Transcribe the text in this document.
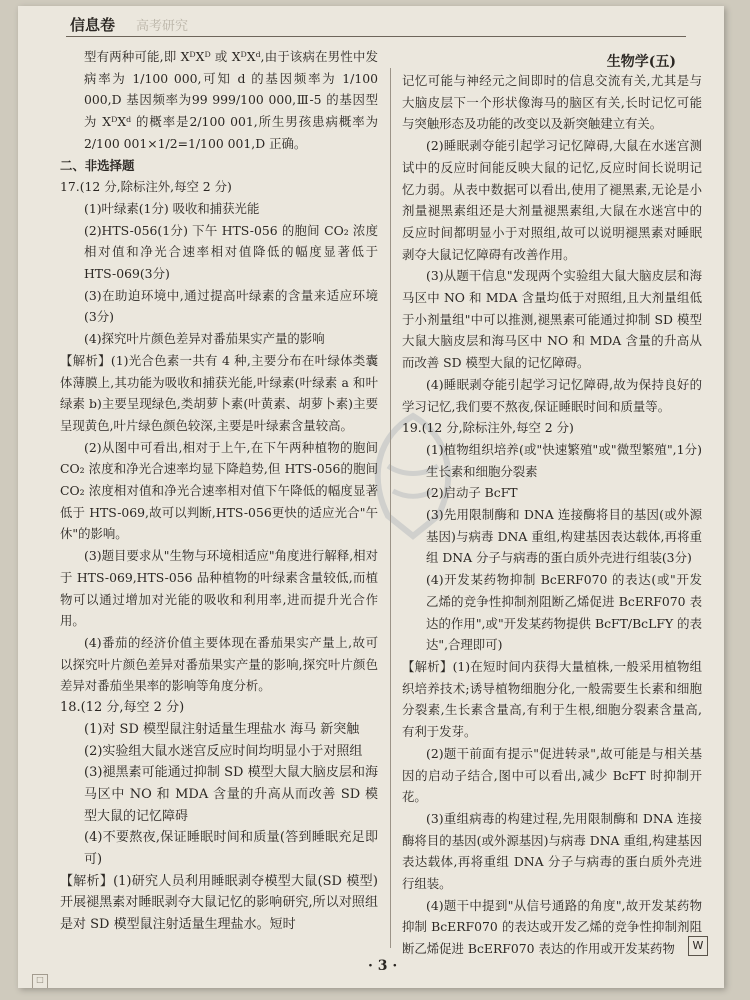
信息卷 高考研究
生物学(五)

型有两种可能,即 XᴰXᴰ 或 XᴰXᵈ,由于该病在男性中发病率为 1/100 000,可知 d 的基因频率为 1/100 000,D 基因频率为99 999/100 000,Ⅲ-5 的基因型为 XᴰXᵈ 的概率是2/100 001,所生男孩患病概率为 2/100 001×1/2=1/100 001,D 正确。

二、非选择题

17.(12 分,除标注外,每空 2 分)

(1)叶绿素(1分) 吸收和捕获光能

(2)HTS-056(1分) 下午 HTS-056 的胞间 CO₂ 浓度相对值和净光合速率相对值降低的幅度显著低于 HTS-069(3分)

(3)在助迫环境中,通过提高叶绿素的含量来适应环境(3分)

(4)探究叶片颜色差异对番茄果实产量的影响

【解析】(1)光合色素一共有 4 种,主要分布在叶绿体类囊体薄膜上,其功能为吸收和捕获光能,叶绿素(叶绿素 a 和叶绿素 b)主要呈现绿色,类胡萝卜素(叶黄素、胡萝卜素)主要呈现黄色,叶片绿色颜色较深,主要是叶绿素含量较高。

(2)从图中可看出,相对于上午,在下午两种植物的胞间 CO₂ 浓度和净光合速率均显下降趋势,但 HTS-056的胞间 CO₂ 浓度相对值和净光合速率相对值下午降低的幅度显著低于 HTS-069,故可以判断,HTS-056更快的适应光合"午休"的影响。

(3)题目要求从"生物与环境相适应"角度进行解释,相对于 HTS-069,HTS-056 品种植物的叶绿素含量较低,而植物可以通过增加对光能的吸收和利用率,进而提升光合作用。

(4)番茄的经济价值主要体现在番茄果实产量上,故可以探究叶片颜色差异对番茄果实产量的影响,探究叶片颜色差异对番茄坐果率的影响等角度分析。

18.(12 分,每空 2 分)

(1)对 SD 模型鼠注射适量生理盐水 海马 新突触

(2)实验组大鼠水迷宫反应时间均明显小于对照组

(3)褪黑素可能通过抑制 SD 模型大鼠大脑皮层和海马区中 NO 和 MDA 含量的升高从而改善 SD 模型大鼠的记忆障碍

(4)不要熬夜,保证睡眠时间和质量(答到睡眠充足即可)

【解析】(1)研究人员利用睡眠剥夺模型大鼠(SD 模型)开展褪黑素对睡眠剥夺大鼠记忆的影响研究,所以对照组是对 SD 模型鼠注射适量生理盐水。短时

记忆可能与神经元之间即时的信息交流有关,尤其是与大脑皮层下一个形状像海马的脑区有关,长时记忆可能与突触形态及功能的改变以及新突触建立有关。

(2)睡眠剥夺能引起学习记忆障碍,大鼠在水迷宫测试中的反应时间能反映大鼠的记忆,反应时间长说明记忆力弱。从表中数据可以看出,使用了褪黑素,无论是小剂量褪黑素组还是大剂量褪黑素组,大鼠在水迷宫中的反应时间都明显小于对照组,故可以说明褪黑素对睡眠剥夺大鼠记忆障碍有改善作用。

(3)从题干信息"发现两个实验组大鼠大脑皮层和海马区中 NO 和 MDA 含量均低于对照组,且大剂量组低于小剂量组"中可以推测,褪黑素可能通过抑制 SD 模型大鼠大脑皮层和海马区中 NO 和 MDA 含量的升高从而改善 SD 模型大鼠的记忆障碍。

(4)睡眠剥夺能引起学习记忆障碍,故为保持良好的学习记忆,我们要不熬夜,保证睡眠时间和质量等。

19.(12 分,除标注外,每空 2 分)

(1)植物组织培养(或"快速繁殖"或"微型繁殖",1分) 生长素和细胞分裂素

(2)启动子 BcFT

(3)先用限制酶和 DNA 连接酶将目的基因(或外源基因)与病毒 DNA 重组,构建基因表达载体,再将重组 DNA 分子与病毒的蛋白质外壳进行组装(3分)

(4)开发某药物抑制 BcERF070 的表达(或"开发乙烯的竞争性抑制剂阻断乙烯促进 BcERF070 表达的作用",或"开发某药物提供 BcFT/BcLFY 的表达",合理即可)

【解析】(1)在短时间内获得大量植株,一般采用植物组织培养技术;诱导植物细胞分化,一般需要生长素和细胞分裂素,生长素含量高,有利于生根,细胞分裂素含量高,有利于发芽。

(2)题干前面有提示"促进转录",故可能是与相关基因的启动子结合,图中可以看出,减少 BcFT 时抑制开花。

(3)重组病毒的构建过程,先用限制酶和 DNA 连接酶将目的基因(或外源基因)与病毒 DNA 重组,构建基因表达载体,再将重组 DNA 分子与病毒的蛋白质外壳进行组装。

(4)题干中提到"从信号通路的角度",故开发某药物抑制 BcERF070 的表达或开发乙烯的竞争性抑制剂阻断乙烯促进 BcERF070 表达的作用或开发某药物

· 3 ·
W
□
